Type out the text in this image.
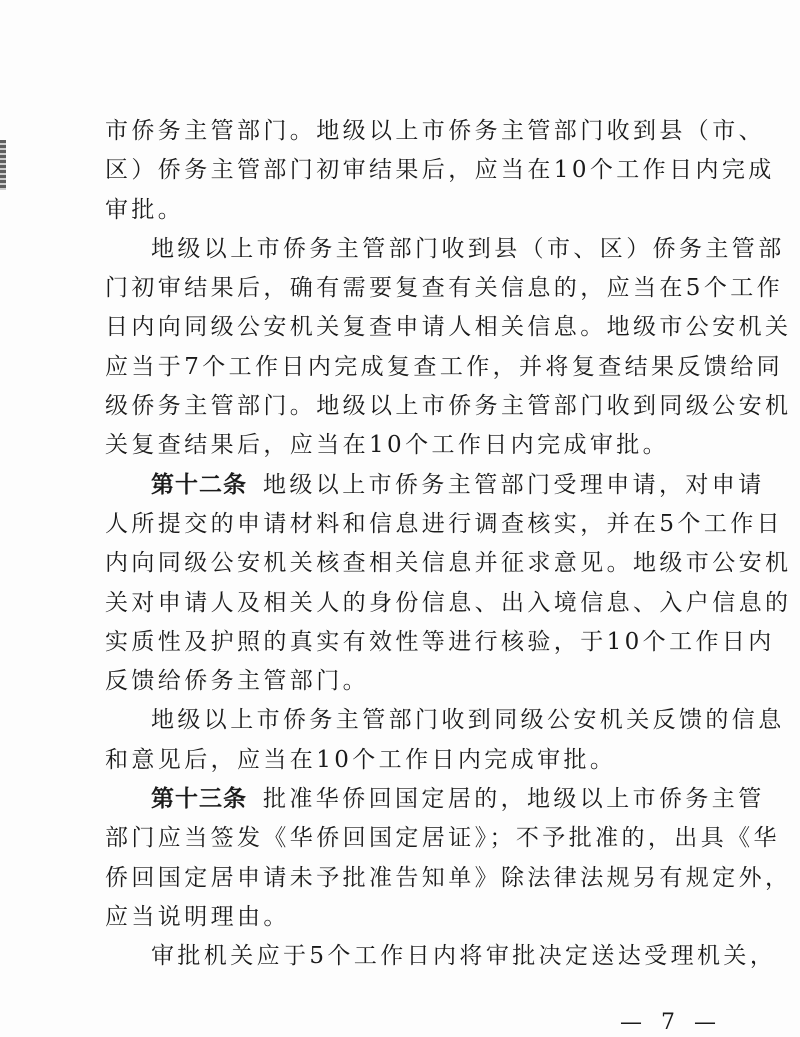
市侨务主管部门。地级以上市侨务主管部门收到县（市、
区）侨务主管部门初审结果后，应当在10个工作日内完成
审批。
地级以上市侨务主管部门收到县（市、区）侨务主管部
门初审结果后，确有需要复查有关信息的，应当在5个工作
日内向同级公安机关复查申请人相关信息。地级市公安机关
应当于7个工作日内完成复查工作，并将复查结果反馈给同
级侨务主管部门。地级以上市侨务主管部门收到同级公安机
关复查结果后，应当在10个工作日内完成审批。
第十二条 地级以上市侨务主管部门受理申请，对申请
人所提交的申请材料和信息进行调查核实，并在5个工作日
内向同级公安机关核查相关信息并征求意见。地级市公安机
关对申请人及相关人的身份信息、出入境信息、入户信息的
实质性及护照的真实有效性等进行核验，于10个工作日内
反馈给侨务主管部门。
地级以上市侨务主管部门收到同级公安机关反馈的信息
和意见后，应当在10个工作日内完成审批。
第十三条 批准华侨回国定居的，地级以上市侨务主管
部门应当签发《华侨回国定居证》；不予批准的，出具《华
侨回国定居申请未予批准告知单》除法律法规另有规定外，
应当说明理由。
审批机关应于5个工作日内将审批决定送达受理机关，
— 7 —
